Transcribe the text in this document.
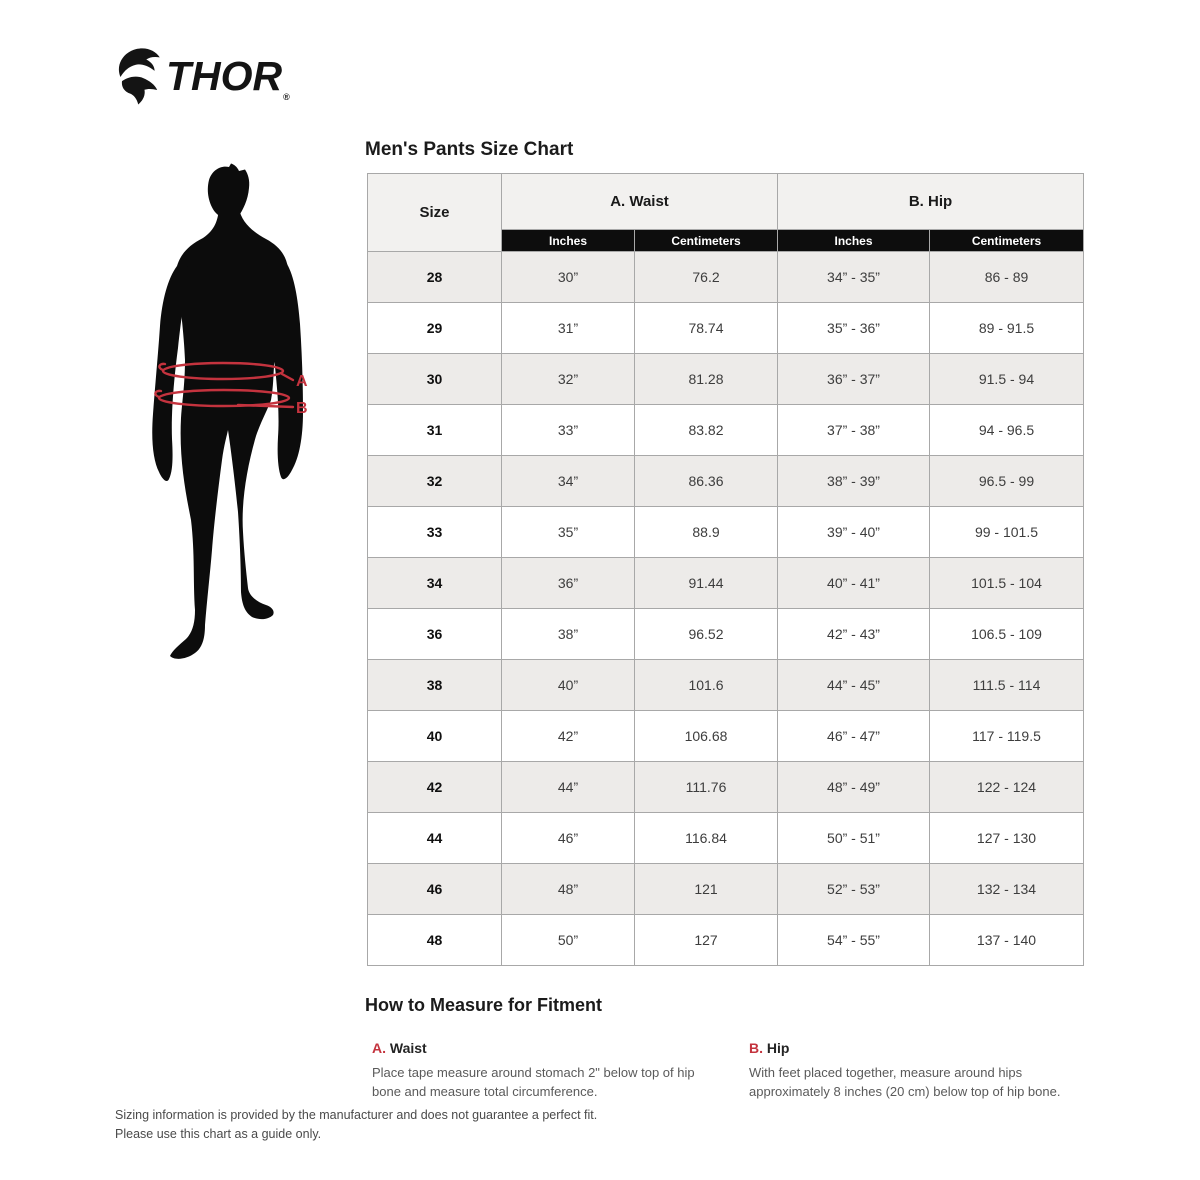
THOR ®
A
B
Men's Pants Size Chart
Size	A. Waist		B. Hip	
	Inches	Centimeters	Inches	Centimeters
28	30”	76.2	34” - 35”	86 - 89
29	31”	78.74	35” - 36”	89 - 91.5
30	32”	81.28	36” - 37”	91.5 - 94
31	33”	83.82	37” - 38”	94 - 96.5
32	34”	86.36	38” - 39”	96.5 - 99
33	35”	88.9	39” - 40”	99 - 101.5
34	36”	91.44	40” - 41”	101.5 - 104
36	38”	96.52	42” - 43”	106.5 - 109
38	40”	101.6	44” - 45”	111.5 - 114
40	42”	106.68	46” - 47”	117 - 119.5
42	44”	111.76	48” - 49”	122 - 124
44	46”	116.84	50” - 51”	127 - 130
46	48”	121	52” - 53”	132 - 134
48	50”	127	54” - 55”	137 - 140
How to Measure for Fitment
A. Waist

Place tape measure around stomach 2" below top of hip bone and measure total circumference.

B. Hip

With feet placed together, measure around hips approximately 8 inches (20 cm) below top of hip bone.

Sizing information is provided by the manufacturer and does not guarantee a perfect fit.
Please use this chart as a guide only.
